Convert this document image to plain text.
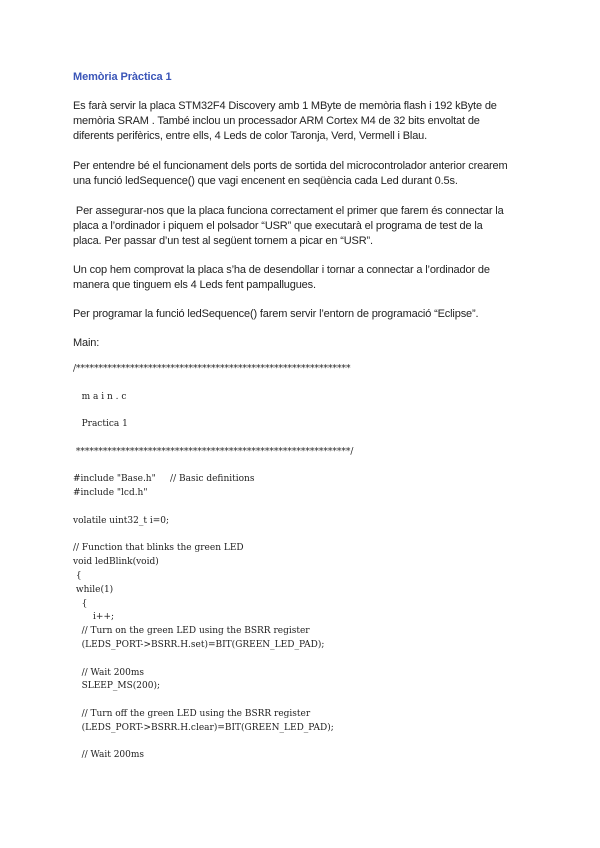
Memòria Pràctica 1
Es farà servir la placa STM32F4 Discovery amb 1 MByte de memòria flash i 192 kByte de
memòria SRAM . També inclou un processador ARM Cortex M4 de 32 bits envoltat de
diferents perifèrics, entre ells, 4 Leds de color Taronja, Verd, Vermell i Blau.
Per entendre bé el funcionament dels ports de sortida del microcontrolador anterior crearem
una funció ledSequence() que vagi encenent en seqüència cada Led durant 0.5s.
Per assegurar-nos que la placa funciona correctament el primer que farem és connectar la
placa a l’ordinador i piquem el polsador “USR” que executarà el programa de test de la
placa. Per passar d’un test al següent tornem a picar en “USR”.
Un cop hem comprovat la placa s’ha de desendollar i tornar a connectar a l’ordinador de
manera que tinguem els 4 Leds fent pampallugues.
Per programar la funció ledSequence() farem servir l’entorn de programació “Eclipse”.
Main:
/*************************************************************
m a i n . c
Practica 1
*************************************************************/
#include "Base.h"     // Basic definitions
#include "lcd.h"
volatile uint32_t i=0;
// Function that blinks the green LED
void ledBlink(void)
{
while(1)
{
i++;
// Turn on the green LED using the BSRR register
(LEDS_PORT->BSRR.H.set)=BIT(GREEN_LED_PAD);
// Wait 200ms
SLEEP_MS(200);
// Turn off the green LED using the BSRR register
(LEDS_PORT->BSRR.H.clear)=BIT(GREEN_LED_PAD);
// Wait 200ms
